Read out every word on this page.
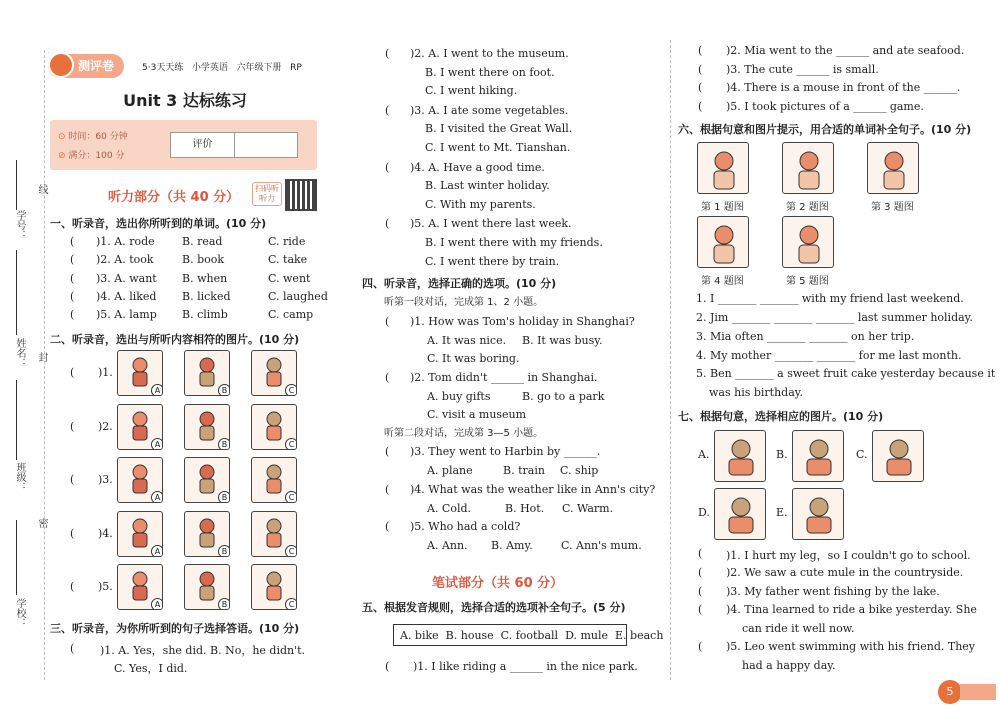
学号：
线
姓名： 封
班级：
密
学校：
测评卷	5·3天天练 小学英语 六年级下册 RP
Unit 3 达标练习
⊙ 时间：60 分钟
⊘ 满分：100 分
评价
听力部分（共 40 分）
扫码听听力
一、听录音，选出你所听到的单词。(10 分)
( )1. A. rode B. read	C. ride
( )2. A. took	B. book	C. take
( )3. A. want B. when	C. went
( )4. A. liked B. licked	C. laughed
( )5. A. lamp B. climb	C. camp
二、听录音，选出与所听内容相符的图片。(10 分)
( )1.
A	B	C
( )2.
A	B	C
( )3.
A	B	C
( )4.
A	B	C
( )5.
A	B	C
三、听录音，为你所听到的句子选择答语。(10 分)
( )1. A. Yes，she did. B. No，he didn't.
C. Yes，I did.
( )2. A. I went to the museum.
B. I went there on foot.
C. I went hiking.
( )3. A. I ate some vegetables.
B. I visited the Great Wall.
C. I went to Mt. Tianshan.
( )4. A. Have a good time.
B. Last winter holiday.
C. With my parents.
( )5. A. I went there last week.
B. I went there with my friends.
C. I went there by train.
四、听录音，选择正确的选项。(10 分)
听第一段对话，完成第 1、2 小题。
( )1. How was Tom's holiday in Shanghai?
A. It was nice. B. It was busy.
C. It was boring.
( )2. Tom didn't ______ in Shanghai.
A. buy gifts	B. go to a park
C. visit a museum
听第二段对话，完成第 3—5 小题。
( )3. They went to Harbin by ______.
A. plane	B. train C. ship
( )4. What was the weather like in Ann's city?
A. Cold.	B. Hot. C. Warm.
( )5. Who had a cold?
A. Ann. B. Amy.	C. Ann's mum.
笔试部分（共 60 分）
五、根据发音规则，选择合适的选项补全句子。(5 分)
A. bike  B. house  C. football  D. mule  E. beach
( )1. I like riding a ______ in the nice park.
( )2. Mia went to the ______ and ate seafood.
( )3. The cute ______ is small.
( )4. There is a mouse in front of the ______.
( )5. I took pictures of a ______ game.
六、根据句意和图片提示，用合适的单词补全句子。(10 分)
第 1 题图	第 2 题图	第 3 题图
第 4 题图	第 5 题图
1. I _______ _______ with my friend last weekend.
2. Jim _______ _______ _______ last summer holiday.
3. Mia often _______ _______ on her trip.
4. My mother _______ _______ for me last month.
5. Ben _______ a sweet fruit cake yesterday because it
was his birthday.
七、根据句意，选择相应的图片。(10 分)
A.	B.	C.
D.	E.
( )1. I hurt my leg，so I couldn't go to school.
( )2. We saw a cute mule in the countryside.
( )3. My father went fishing by the lake.
( )4. Tina learned to ride a bike yesterday. She
can ride it well now.
( )5. Leo went swimming with his friend. They
had a happy day.
5
